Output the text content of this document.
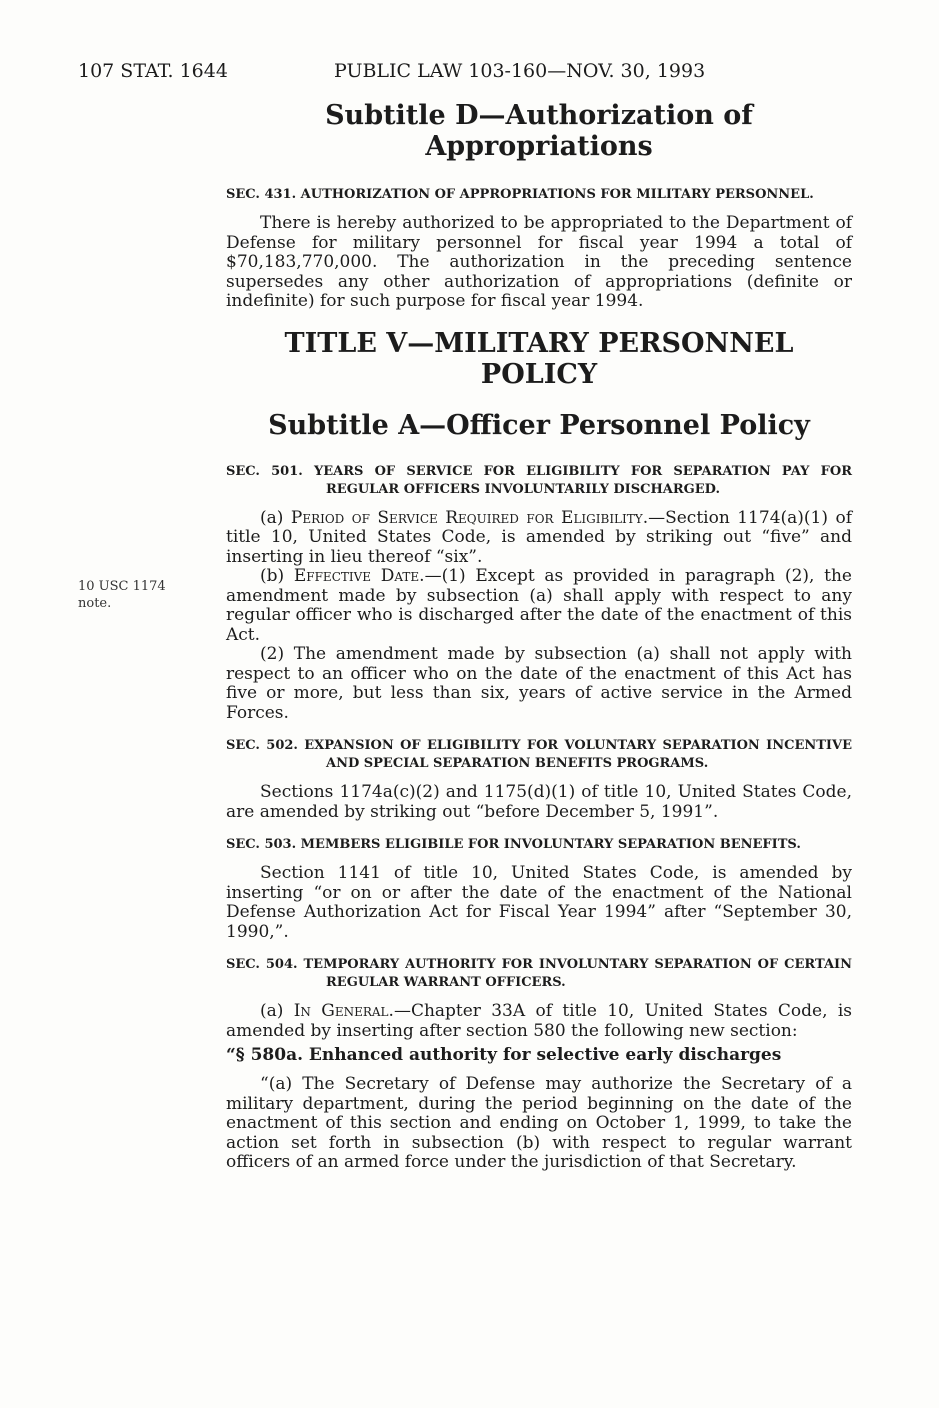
107 STAT. 1644	PUBLIC LAW 103-160—NOV. 30, 1993
10 USC 1174
note.
Subtitle D—Authorization of
Appropriations
SEC. 431. AUTHORIZATION OF APPROPRIATIONS FOR MILITARY PERSONNEL.

There is hereby authorized to be appropriated to the Department of Defense for military personnel for fiscal year 1994 a total of $70,183,770,000. The authorization in the preceding sentence supersedes any other authorization of appropriations (definite or indefinite) for such purpose for fiscal year 1994.

TITLE V—MILITARY PERSONNEL
POLICY
Subtitle A—Officer Personnel Policy
SEC. 501. YEARS OF SERVICE FOR ELIGIBILITY FOR SEPARATION PAY FOR REGULAR OFFICERS INVOLUNTARILY DISCHARGED.

(a) Period of Service Required for Eligibility.—Section 1174(a)(1) of title 10, United States Code, is amended by striking out “five” and inserting in lieu thereof “six”.

(b) Effective Date.—(1) Except as provided in paragraph (2), the amendment made by subsection (a) shall apply with respect to any regular officer who is discharged after the date of the enactment of this Act.

(2) The amendment made by subsection (a) shall not apply with respect to an officer who on the date of the enactment of this Act has five or more, but less than six, years of active service in the Armed Forces.

SEC. 502. EXPANSION OF ELIGIBILITY FOR VOLUNTARY SEPARATION INCENTIVE AND SPECIAL SEPARATION BENEFITS PROGRAMS.

Sections 1174a(c)(2) and 1175(d)(1) of title 10, United States Code, are amended by striking out “before December 5, 1991”.

SEC. 503. MEMBERS ELIGIBILE FOR INVOLUNTARY SEPARATION BENEFITS.

Section 1141 of title 10, United States Code, is amended by inserting “or on or after the date of the enactment of the National Defense Authorization Act for Fiscal Year 1994” after “September 30, 1990,”.

SEC. 504. TEMPORARY AUTHORITY FOR INVOLUNTARY SEPARATION OF CERTAIN REGULAR WARRANT OFFICERS.

(a) In General.—Chapter 33A of title 10, United States Code, is amended by inserting after section 580 the following new section:

“§ 580a. Enhanced authority for selective early discharges

“(a) The Secretary of Defense may authorize the Secretary of a military department, during the period beginning on the date of the enactment of this section and ending on October 1, 1999, to take the action set forth in subsection (b) with respect to regular warrant officers of an armed force under the jurisdiction of that Secretary.
